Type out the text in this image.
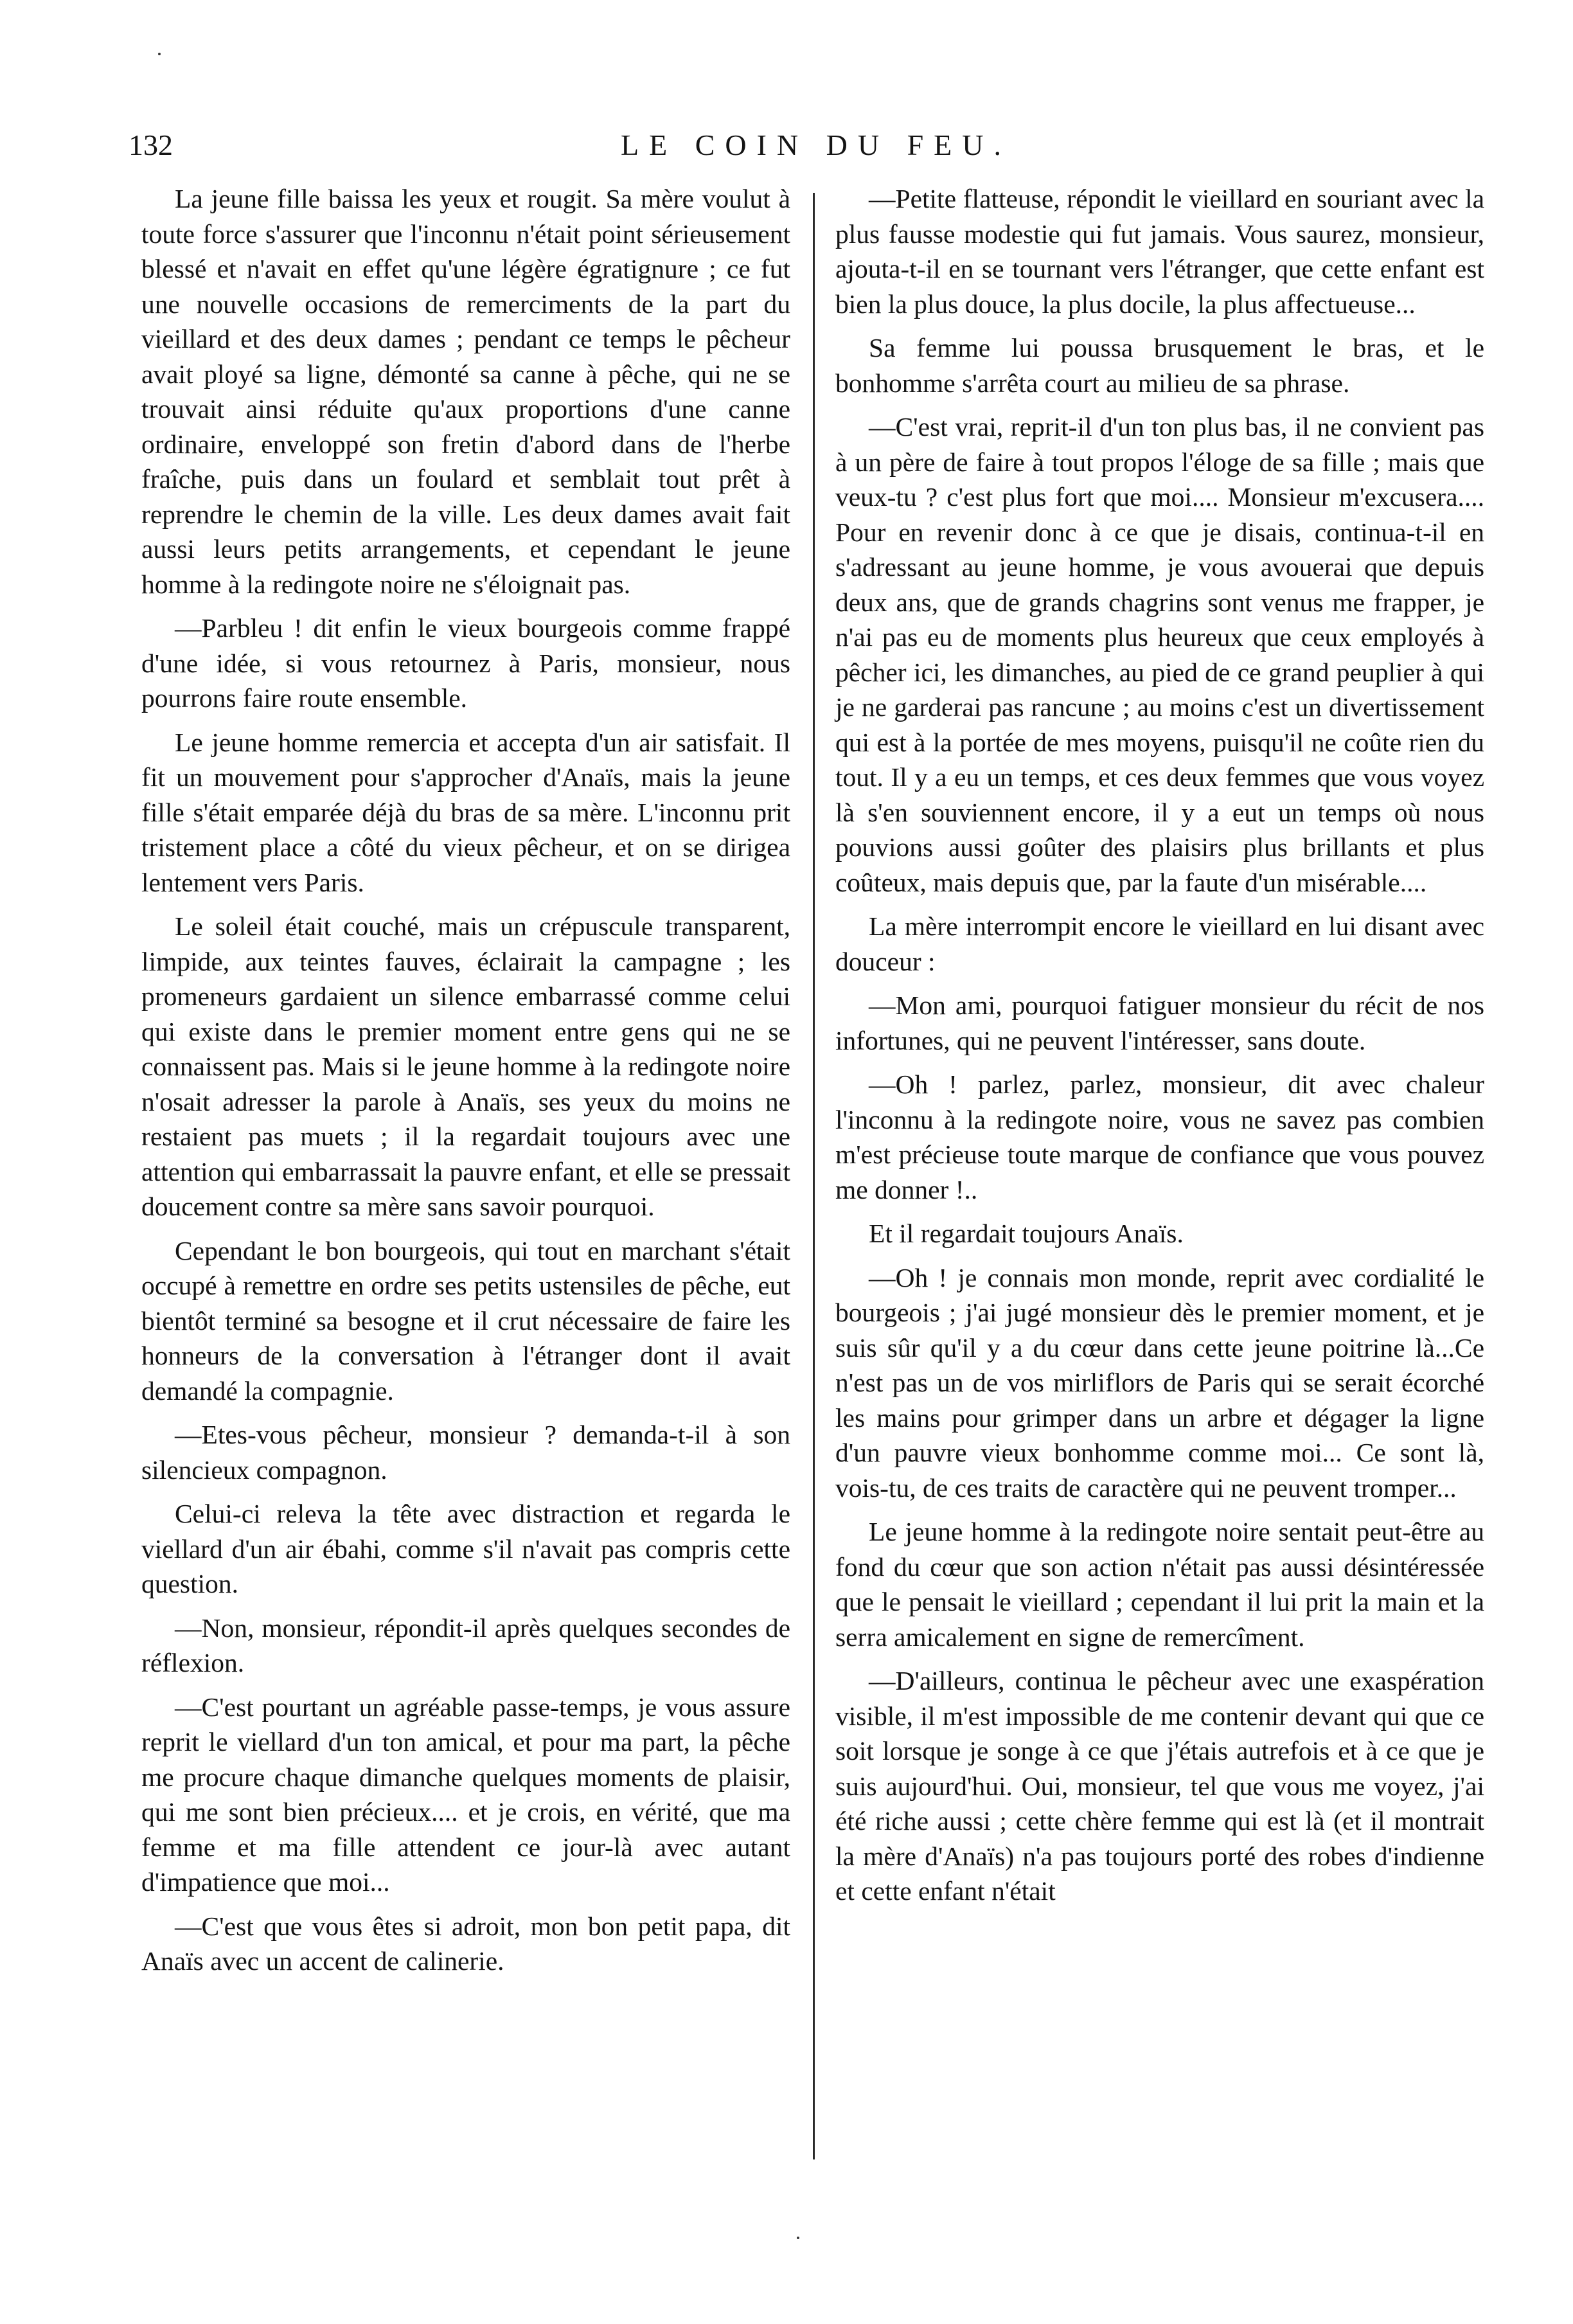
132	LE COIN DU FEU.

La jeune fille baissa les yeux et rougit. Sa mère voulut à toute force s'assurer que l'inconnu n'était point sérieusement blessé et n'avait en effet qu'une légère égratignure ; ce fut une nouvelle occasions de remerciments de la part du vieillard et des deux dames ; pendant ce temps le pêcheur avait ployé sa ligne, démonté sa canne à pêche, qui ne se trouvait ainsi réduite qu'aux proportions d'une canne ordinaire, enveloppé son fretin d'abord dans de l'herbe fraîche, puis dans un foulard et semblait tout prêt à reprendre le chemin de la ville. Les deux dames avait fait aussi leurs petits arrangements, et cependant le jeune homme à la redingote noire ne s'éloignait pas.

—Parbleu ! dit enfin le vieux bourgeois comme frappé d'une idée, si vous retournez à Paris, monsieur, nous pourrons faire route ensemble.

Le jeune homme remercia et accepta d'un air satisfait. Il fit un mouvement pour s'approcher d'Anaïs, mais la jeune fille s'était emparée déjà du bras de sa mère. L'inconnu prit tristement place a côté du vieux pêcheur, et on se dirigea lentement vers Paris.

Le soleil était couché, mais un crépuscule transparent, limpide, aux teintes fauves, éclairait la campagne ; les promeneurs gardaient un silence embarrassé comme celui qui existe dans le premier moment entre gens qui ne se connaissent pas. Mais si le jeune homme à la redingote noire n'osait adresser la parole à Anaïs, ses yeux du moins ne restaient pas muets ; il la regardait toujours avec une attention qui embarrassait la pauvre enfant, et elle se pressait doucement contre sa mère sans savoir pourquoi.

Cependant le bon bourgeois, qui tout en marchant s'était occupé à remettre en ordre ses petits ustensiles de pêche, eut bientôt terminé sa besogne et il crut nécessaire de faire les honneurs de la conversation à l'étranger dont il avait demandé la compagnie.

—Etes-vous pêcheur, monsieur ? demanda-t-il à son silencieux compagnon.

Celui-ci releva la tête avec distraction et regarda le viellard d'un air ébahi, comme s'il n'avait pas compris cette question.

—Non, monsieur, répondit-il après quelques secondes de réflexion.

—C'est pourtant un agréable passe-temps, je vous assure reprit le viellard d'un ton amical, et pour ma part, la pêche me procure chaque dimanche quelques moments de plaisir, qui me sont bien précieux.... et je crois, en vérité, que ma femme et ma fille attendent ce jour-là avec autant d'impatience que moi...

—C'est que vous êtes si adroit, mon bon petit papa, dit Anaïs avec un accent de calinerie.

—Petite flatteuse, répondit le vieillard en souriant avec la plus fausse modestie qui fut jamais. Vous saurez, monsieur, ajouta-t-il en se tournant vers l'étranger, que cette enfant est bien la plus douce, la plus docile, la plus affectueuse...

Sa femme lui poussa brusquement le bras, et le bonhomme s'arrêta court au milieu de sa phrase.

—C'est vrai, reprit-il d'un ton plus bas, il ne convient pas à un père de faire à tout propos l'éloge de sa fille ; mais que veux-tu ? c'est plus fort que moi.... Monsieur m'excusera.... Pour en revenir donc à ce que je disais, continua-t-il en s'adressant au jeune homme, je vous avouerai que depuis deux ans, que de grands chagrins sont venus me frapper, je n'ai pas eu de moments plus heureux que ceux employés à pêcher ici, les dimanches, au pied de ce grand peuplier à qui je ne garderai pas rancune ; au moins c'est un divertissement qui est à la portée de mes moyens, puisqu'il ne coûte rien du tout. Il y a eu un temps, et ces deux femmes que vous voyez là s'en souviennent encore, il y a eut un temps où nous pouvions aussi goûter des plaisirs plus brillants et plus coûteux, mais depuis que, par la faute d'un misérable....

La mère interrompit encore le vieillard en lui disant avec douceur :

—Mon ami, pourquoi fatiguer monsieur du récit de nos infortunes, qui ne peuvent l'intéresser, sans doute.

—Oh ! parlez, parlez, monsieur, dit avec chaleur l'inconnu à la redingote noire, vous ne savez pas combien m'est précieuse toute marque de confiance que vous pouvez me donner !..

Et il regardait toujours Anaïs.

—Oh ! je connais mon monde, reprit avec cordialité le bourgeois ; j'ai jugé monsieur dès le premier moment, et je suis sûr qu'il y a du cœur dans cette jeune poitrine là...Ce n'est pas un de vos mirliflors de Paris qui se serait écorché les mains pour grimper dans un arbre et dégager la ligne d'un pauvre vieux bonhomme comme moi... Ce sont là, vois-tu, de ces traits de caractère qui ne peuvent tromper...

Le jeune homme à la redingote noire sentait peut-être au fond du cœur que son action n'était pas aussi désintéressée que le pensait le vieillard ; cependant il lui prit la main et la serra amicalement en signe de remercîment.

—D'ailleurs, continua le pêcheur avec une exaspération visible, il m'est impossible de me contenir devant qui que ce soit lorsque je songe à ce que j'étais autrefois et à ce que je suis aujourd'hui. Oui, monsieur, tel que vous me voyez, j'ai été riche aussi ; cette chère femme qui est là (et il montrait la mère d'Anaïs) n'a pas toujours porté des robes d'indienne et cette enfant n'était
